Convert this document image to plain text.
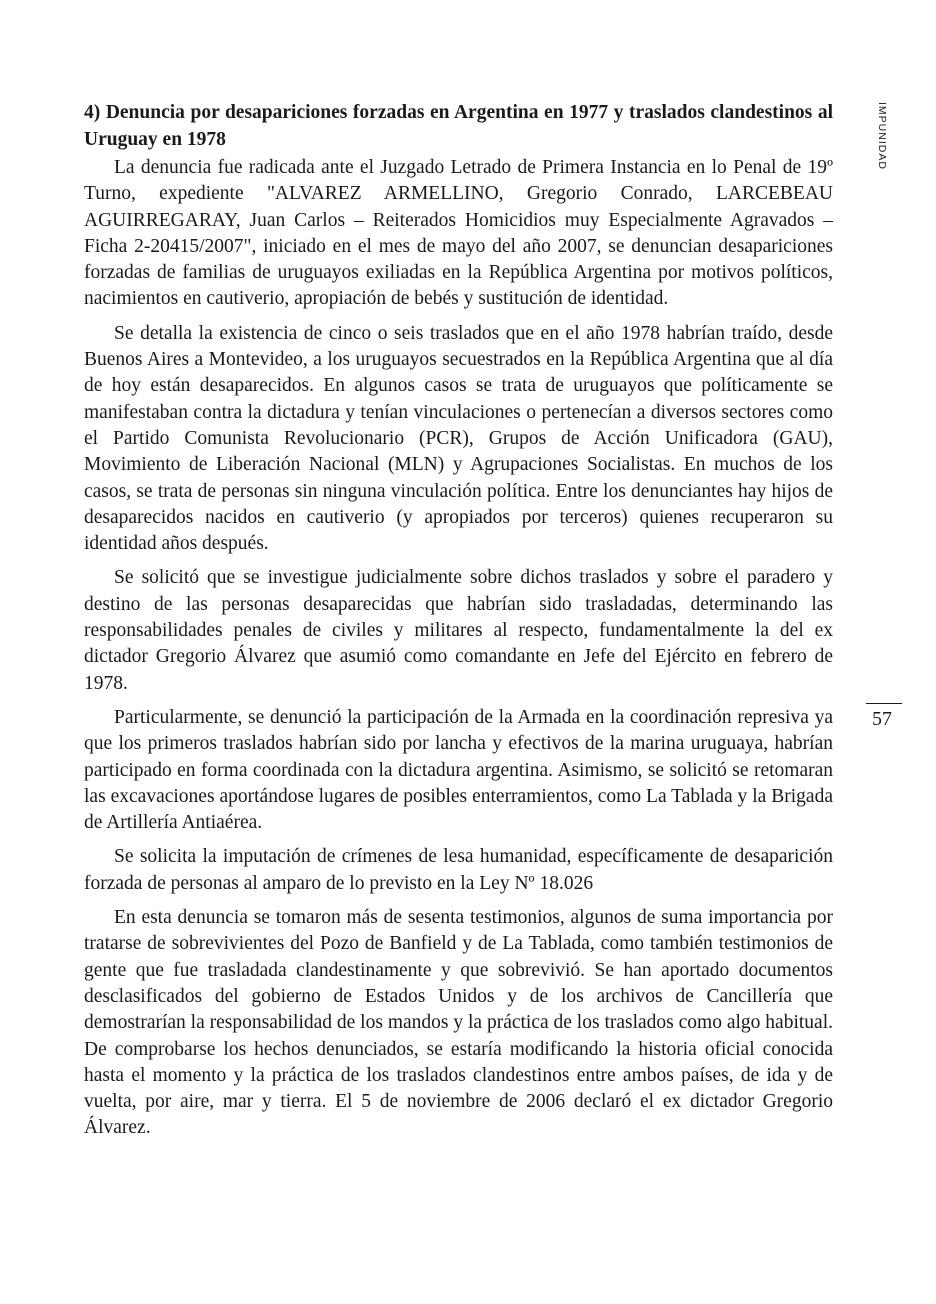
IMPUNIDAD
57

4) Denuncia por desapariciones forzadas en Argentina en 1977 y traslados clandestinos al Uruguay en 1978

La denuncia fue radicada ante el Juzgado Letrado de Primera Instancia en lo Penal de 19º Turno, expediente "ALVAREZ ARMELLINO, Gregorio Conrado, LARCEBEAU AGUIRREGARAY, Juan Carlos – Reiterados Homicidios muy Especialmente Agravados – Ficha 2-20415/2007", iniciado en el mes de mayo del año 2007, se denuncian desapariciones forzadas de familias de uruguayos exiliadas en la República Argentina por motivos políticos, nacimientos en cautiverio, apropiación de bebés y sustitución de identidad.

Se detalla la existencia de cinco o seis traslados que en el año 1978 habrían traído, desde Buenos Aires a Montevideo, a los uruguayos secuestrados en la República Argentina que al día de hoy están desaparecidos. En algunos casos se trata de uruguayos que políticamente se manifestaban contra la dictadura y tenían vinculaciones o pertenecían a diversos sectores como el Partido Comunista Revolucionario (PCR), Grupos de Acción Unificadora (GAU), Movimiento de Liberación Nacional (MLN) y Agrupaciones Socialistas. En muchos de los casos, se trata de personas sin ninguna vinculación política. Entre los denunciantes hay hijos de desaparecidos nacidos en cautiverio (y apropiados por terceros) quienes recuperaron su identidad años después.

Se solicitó que se investigue judicialmente sobre dichos traslados y sobre el paradero y destino de las personas desaparecidas que habrían sido trasladadas, determinando las responsabilidades penales de civiles y militares al respecto, fundamentalmente la del ex dictador Gregorio Álvarez que asumió como comandante en Jefe del Ejército en febrero de 1978.

Particularmente, se denunció la participación de la Armada en la coordinación represiva ya que los primeros traslados habrían sido por lancha y efectivos de la marina uruguaya, habrían participado en forma coordinada con la dictadura argentina. Asimismo, se solicitó se retomaran las excavaciones aportándose lugares de posibles enterramientos, como La Tablada y la Brigada de Artillería Antiaérea.

Se solicita la imputación de crímenes de lesa humanidad, específicamente de desaparición forzada de personas al amparo de lo previsto en la Ley Nº 18.026

En esta denuncia se tomaron más de sesenta testimonios, algunos de suma importancia por tratarse de sobrevivientes del Pozo de Banfield y de La Tablada, como también testimonios de gente que fue trasladada clandestinamente y que sobrevivió. Se han aportado documentos desclasificados del gobierno de Estados Unidos y de los archivos de Cancillería que demostrarían la responsabilidad de los mandos y la práctica de los traslados como algo habitual. De comprobarse los hechos denunciados, se estaría modificando la historia oficial conocida hasta el momento y la práctica de los traslados clandestinos entre ambos países, de ida y de vuelta, por aire, mar y tierra. El 5 de noviembre de 2006 declaró el ex dictador Gregorio Álvarez.
